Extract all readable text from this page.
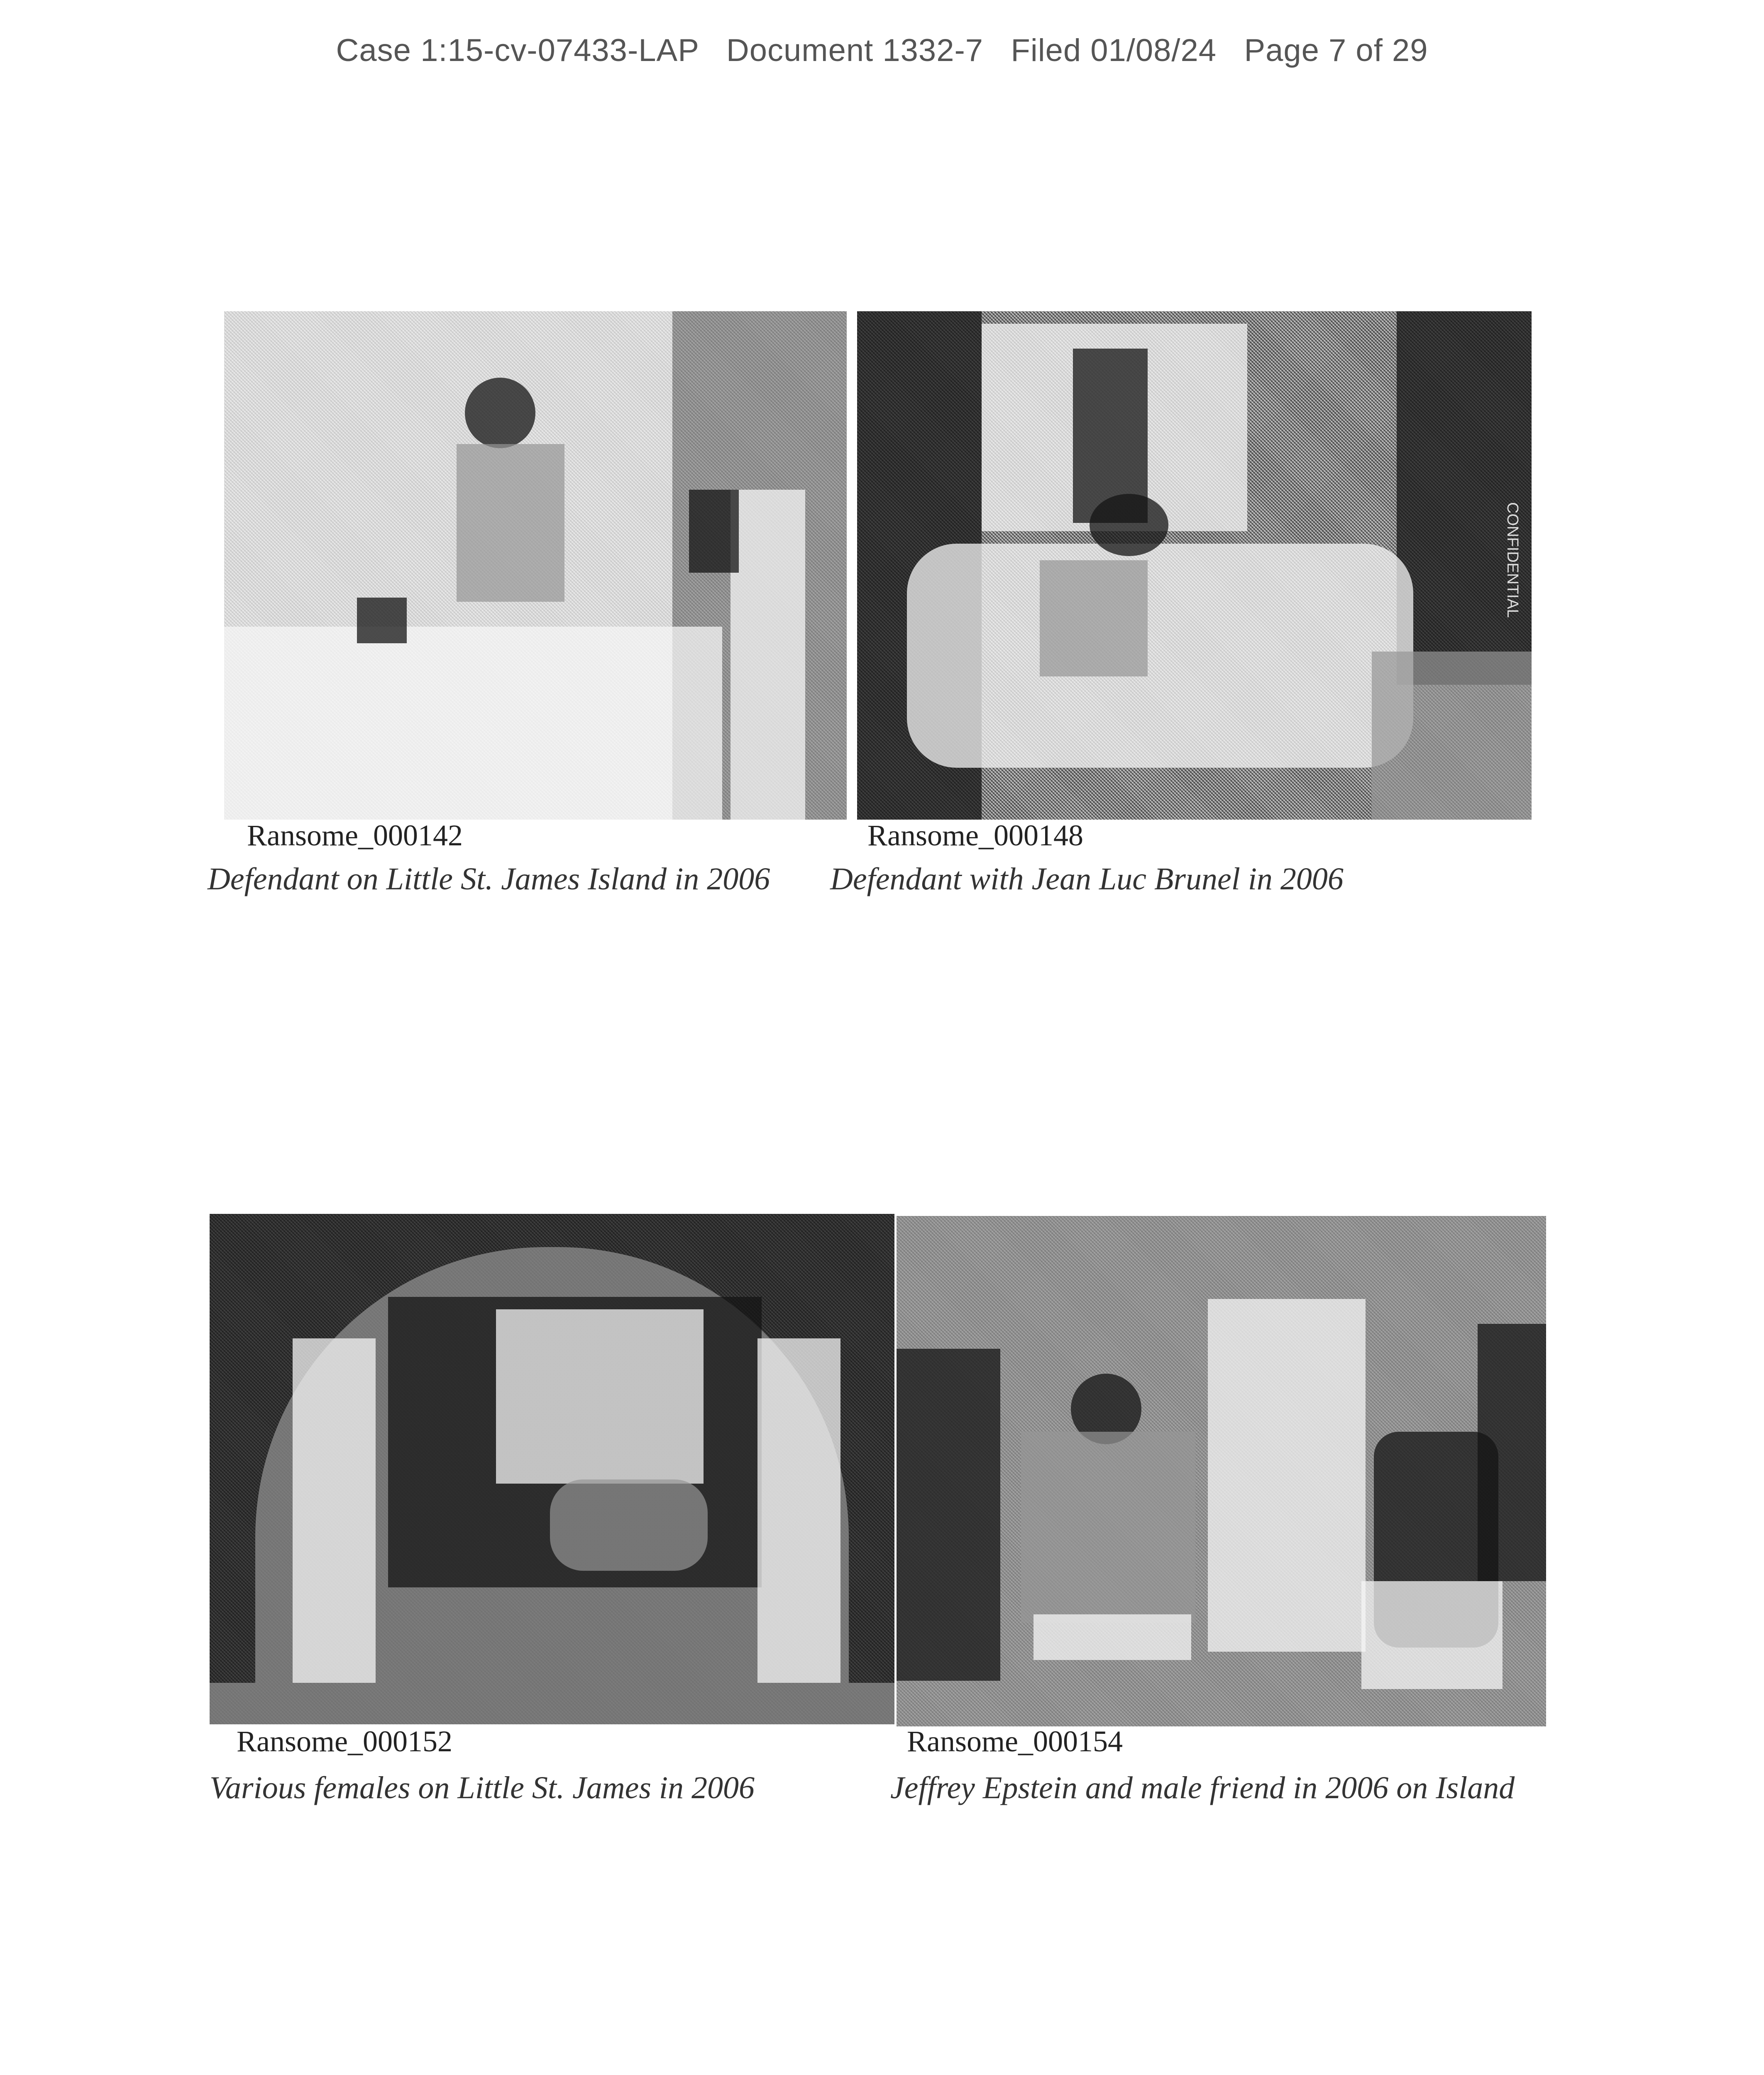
Case 1:15-cv-07433-LAP Document 1332-7 Filed 01/08/24 Page 7 of 29
Ransome_000142
Defendant on Little St. James Island in 2006
CONFIDENTIAL
Ransome_000148
Defendant with Jean Luc Brunel in 2006
Ransome_000152
Various females on Little St. James in 2006
Ransome_000154
Jeffrey Epstein and male friend in 2006 on Island
